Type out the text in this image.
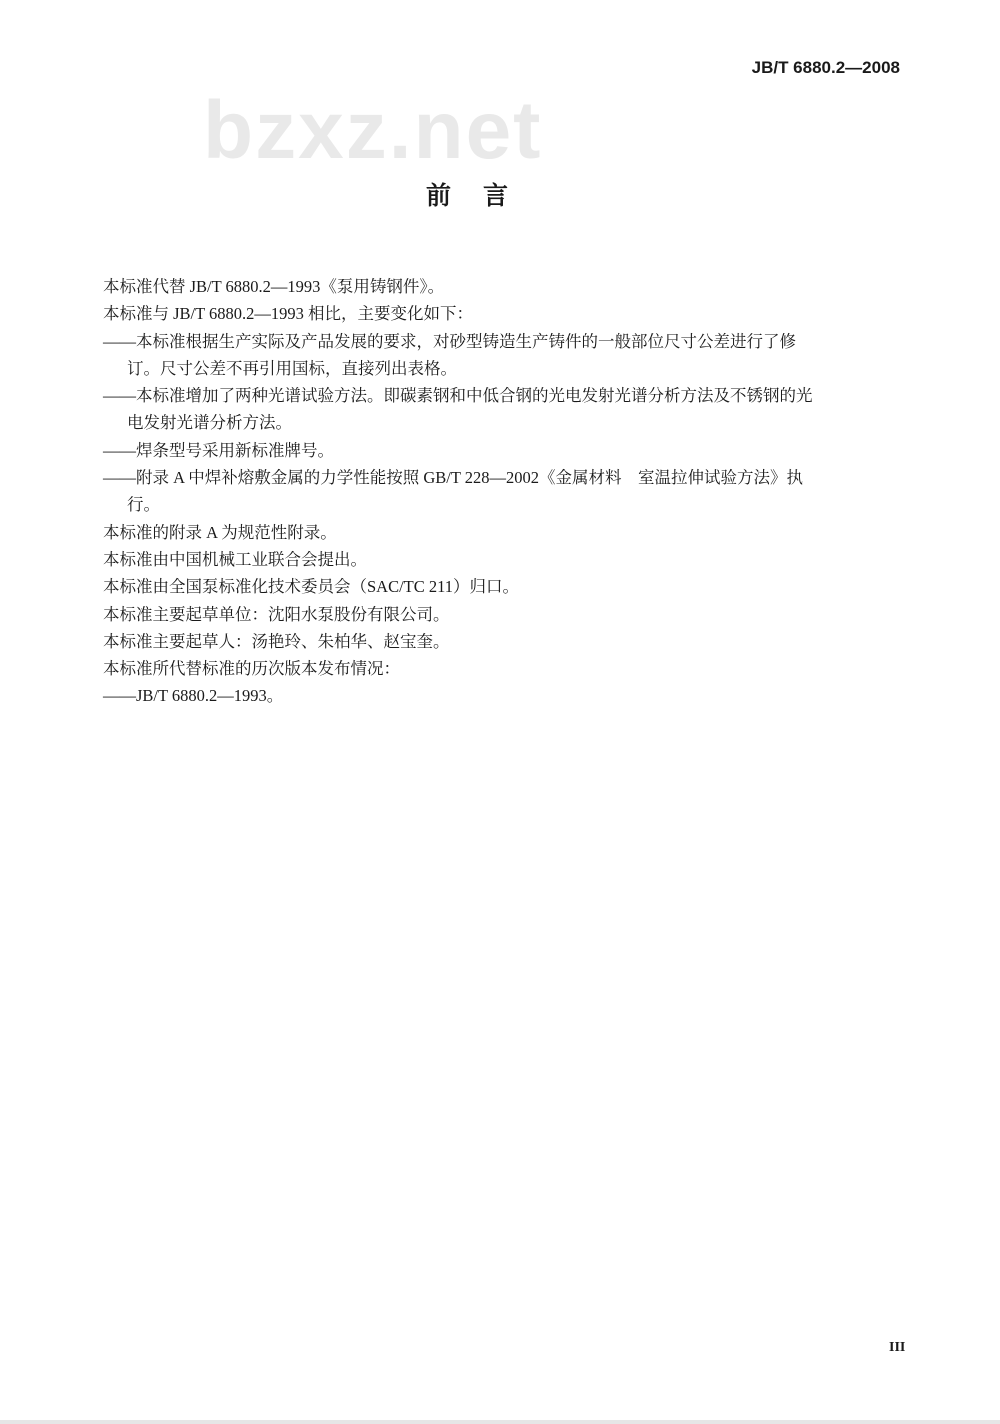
JB/T 6880.2—2008
bzxz.net
前言
本标准代替 JB/T 6880.2—1993《泵用铸钢件》。
本标准与 JB/T 6880.2—1993 相比，主要变化如下：
——本标准根据生产实际及产品发展的要求，对砂型铸造生产铸件的一般部位尺寸公差进行了修
订。尺寸公差不再引用国标，直接列出表格。
——本标准增加了两种光谱试验方法。即碳素钢和中低合钢的光电发射光谱分析方法及不锈钢的光
电发射光谱分析方法。
——焊条型号采用新标准牌号。
——附录 A 中焊补熔敷金属的力学性能按照 GB/T 228—2002《金属材料　室温拉伸试验方法》执
行。
本标准的附录 A 为规范性附录。
本标准由中国机械工业联合会提出。
本标准由全国泵标准化技术委员会（SAC/TC 211）归口。
本标准主要起草单位：沈阳水泵股份有限公司。
本标准主要起草人：汤艳玲、朱柏华、赵宝奎。
本标准所代替标准的历次版本发布情况：
——JB/T 6880.2—1993。
III
